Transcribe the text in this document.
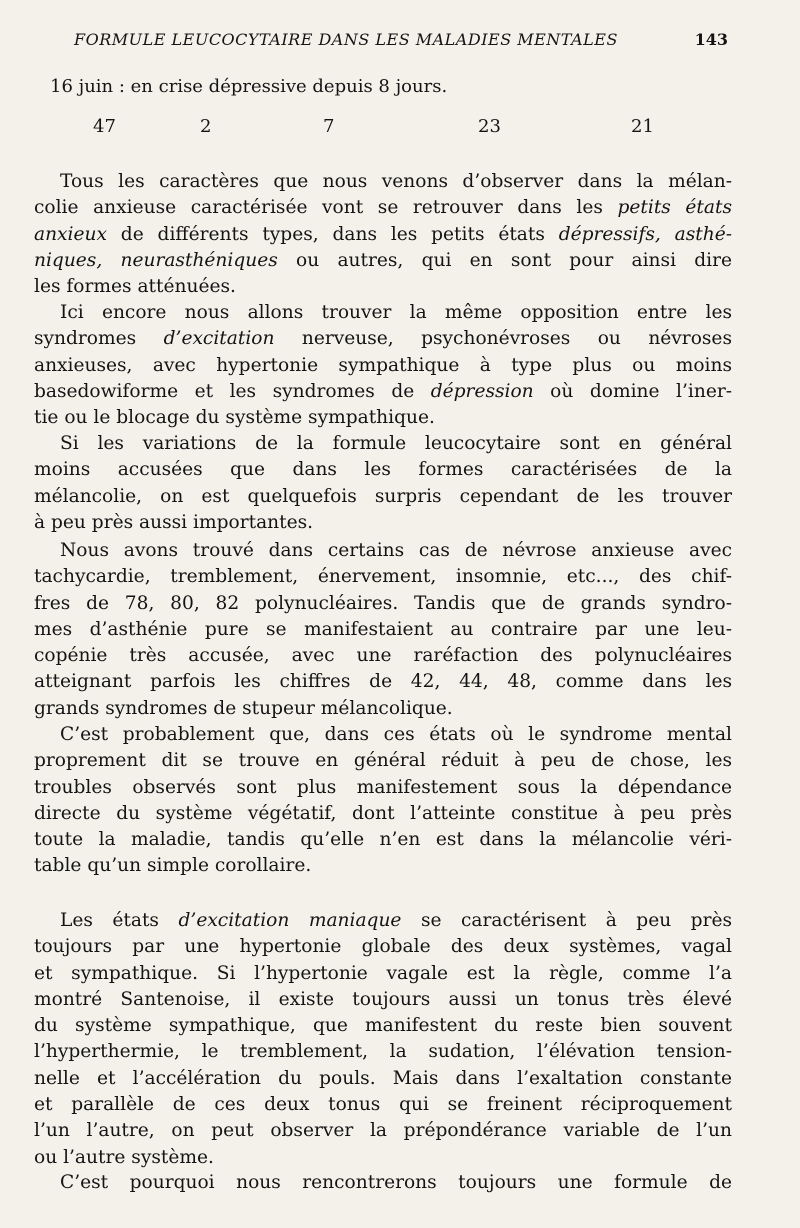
FORMULE LEUCOCYTAIRE DANS LES MALADIES MENTALES	143
16 juin : en crise dépressive depuis 8 jours.
47	2	7	23	21

Tous les caractères que nous venons d’observer dans la mélan-
colie anxieuse caractérisée vont se retrouver dans les petits états
anxieux de différents types, dans les petits états dépressifs, asthé-
niques, neurasthéniques ou autres, qui en sont pour ainsi dire
les formes atténuées.

Ici encore nous allons trouver la même opposition entre les
syndromes d’excitation nerveuse, psychonévroses ou névroses
anxieuses, avec hypertonie sympathique à type plus ou moins
basedowiforme et les syndromes de dépression où domine l’iner-
tie ou le blocage du système sympathique.

Si les variations de la formule leucocytaire sont en général
moins accusées que dans les formes caractérisées de la
mélancolie, on est quelquefois surpris cependant de les trouver
à peu près aussi importantes.

Nous avons trouvé dans certains cas de névrose anxieuse avec
tachycardie, tremblement, énervement, insomnie, etc..., des chif-
fres de 78, 80, 82 polynucléaires. Tandis que de grands syndro-
mes d’asthénie pure se manifestaient au contraire par une leu-
copénie très accusée, avec une raréfaction des polynucléaires
atteignant parfois les chiffres de 42, 44, 48, comme dans les
grands syndromes de stupeur mélancolique.

C’est probablement que, dans ces états où le syndrome mental
proprement dit se trouve en général réduit à peu de chose, les
troubles observés sont plus manifestement sous la dépendance
directe du système végétatif, dont l’atteinte constitue à peu près
toute la maladie, tandis qu’elle n’en est dans la mélancolie véri-
table qu’un simple corollaire.

Les états d’excitation maniaque se caractérisent à peu près
toujours par une hypertonie globale des deux systèmes, vagal
et sympathique. Si l’hypertonie vagale est la règle, comme l’a
montré Santenoise, il existe toujours aussi un tonus très élevé
du système sympathique, que manifestent du reste bien souvent
l’hyperthermie, le tremblement, la sudation, l’élévation tension-
nelle et l’accélération du pouls. Mais dans l’exaltation constante
et parallèle de ces deux tonus qui se freinent réciproquement
l’un l’autre, on peut observer la prépondérance variable de l’un
ou l’autre système.

C’est pourquoi nous rencontrerons toujours une formule de
